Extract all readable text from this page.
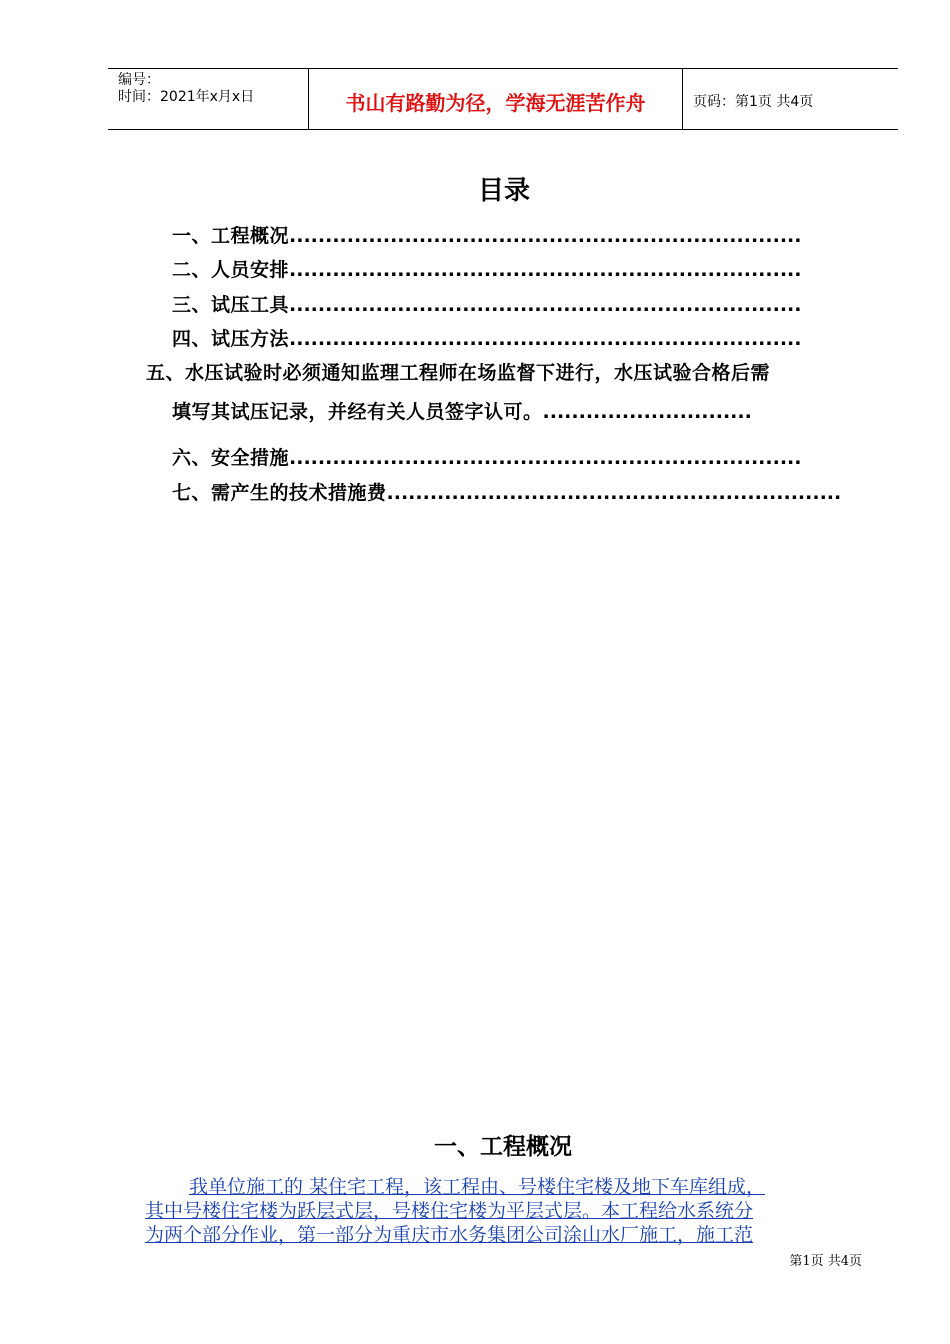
编号：
时间：2021年x月x日	书山有路勤为径，学海无涯苦作舟	页码：第1页 共4页
目录
一、工程概况.......................................................................
二、人员安排.......................................................................
三、试压工具.......................................................................
四、试压方法.......................................................................
五、水压试验时必须通知监理工程师在场监督下进行，水压试验合格后需
填写其试压记录，并经有关人员签字认可。.............................
六、安全措施.......................................................................
七、需产生的技术措施费...............................................................
一、工程概况
我单位施工的 某住宅工程，该工程由、号楼住宅楼及地下车库组成，
其中号楼住宅楼为跃层式层，号楼住宅楼为平层式层。本工程给水系统分
为两个部分作业，第一部分为重庆市水务集团公司涂山水厂施工，施工范
第1页 共4页
